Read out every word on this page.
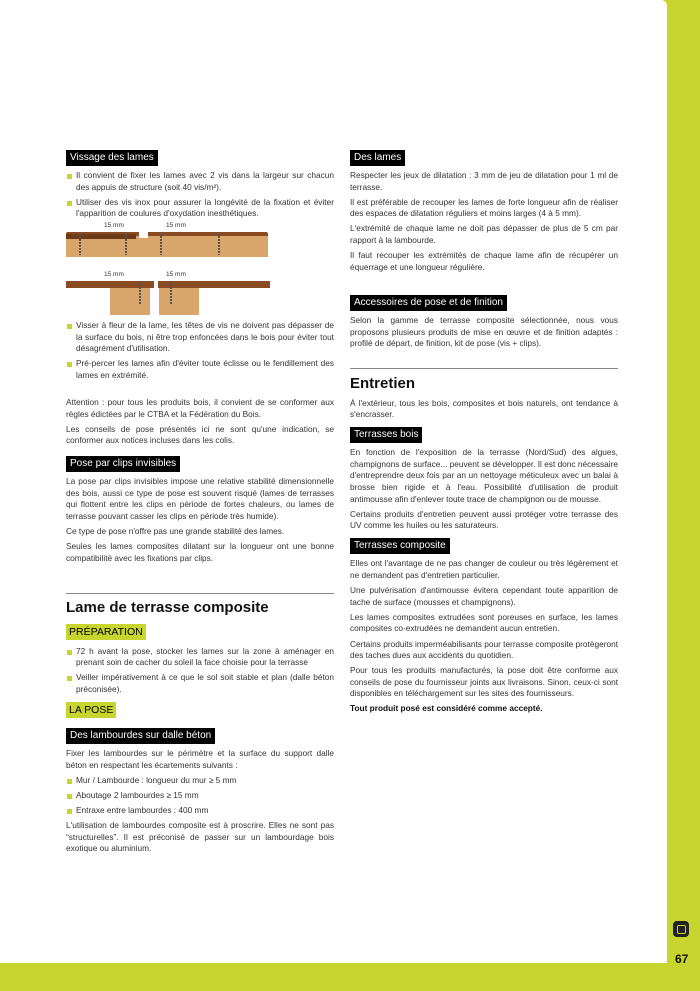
Vissage des lames
Il convient de fixer les lames avec 2 vis dans la largeur sur chacun des appuis de structure (soit 40 vis/m²).
Utiliser des vis inox pour assurer la longévité de la fixation et éviter l'apparition de coulures d'oxydation inesthétiques.
15 mm	15 mm
15 mm	15 mm
Visser à fleur de la lame, les têtes de vis ne doivent pas dépasser de la surface du bois, ni être trop enfoncées dans le bois pour éviter tout désagrément d'utilisation.
Pré-percer les lames afin d'éviter toute éclisse ou le fendillement des lames en extrémité.

Attention : pour tous les produits bois, il convient de se conformer aux règles édictées par le CTBA et la Fédération du Bois.

Les conseils de pose présentés ici ne sont qu'une indication, se conformer aux notices incluses dans les colis.

Pose par clips invisibles

La pose par clips invisibles impose une relative stabilité dimensionnelle des bois, aussi ce type de pose est souvent risqué (lames de terrasses qui flottent entre les clips en période de fortes chaleurs, ou lames de terrasse pouvant casser les clips en période très humide).

Ce type de pose n'offre pas une grande stabilité des lames.

Seules les lames composites dilatant sur la longueur ont une bonne compatibilité avec les fixations par clips.

Lame de terrasse composite
PRÉPARATION
72 h avant la pose, stocker les lames sur la zone à aménager en prenant soin de cacher du soleil la face choisie pour la terrasse
Veiller impérativement à ce que le sol soit stable et plan (dalle béton préconisée).
LA POSE
Des lambourdes sur dalle béton

Fixer les lambourdes sur le périmètre et la surface du support dalle béton en respectant les écartements suivants :

Mur / Lambourde : longueur du mur ≥ 5 mm
Aboutage 2 lambourdes ≥ 15 mm
Entraxe entre lambourdes : 400 mm

L'utilisation de lambourdes composite est à proscrire. Elles ne sont pas “structurelles”. Il est préconisé de passer sur un lambourdage bois exotique ou aluminium.

Des lames

Respecter les jeux de dilatation : 3 mm de jeu de dilatation pour 1 ml de terrasse.

Il est préférable de recouper les lames de forte longueur afin de réaliser des espaces de dilatation réguliers et moins larges (4 à 5 mm).

L'extrémité de chaque lame ne doit pas dépasser de plus de 5 cm par rapport à la lambourde.

Il faut recouper les extrémités de chaque lame afin de récupérer un équerrage et une longueur régulière.

Accessoires de pose et de finition

Selon la gamme de terrasse composite sélectionnée, nous vous proposons plusieurs produits de mise en œuvre et de finition adaptés : profilé de départ, de finition, kit de pose (vis + clips).

Entretien

À l'extérieur, tous les bois, composites et bois naturels, ont tendance à s'encrasser.

Terrasses bois

En fonction de l'exposition de la terrasse (Nord/Sud) des algues, champignons de surface... peuvent se développer. Il est donc nécessaire d'entreprendre deux fois par an un nettoyage méticuleux avec un balai à brosse bien rigide et à l'eau. Possibilité d'utilisation de produit antimousse afin d'enlever toute trace de champignon ou de mousse.

Certains produits d'entretien peuvent aussi protéger votre terrasse des UV comme les huiles ou les saturateurs.

Terrasses composite

Elles ont l'avantage de ne pas changer de couleur ou très légèrement et ne demandent pas d'entretien particulier.

Une pulvérisation d'antimousse évitera cependant toute apparition de tache de surface (mousses et champignons).

Les lames composites extrudées sont poreuses en surface, les lames composites co-extrudées ne demandent aucun entretien.

Certains produits imperméabilisants pour terrasse composite protègeront des taches dues aux accidents du quotidien.

Pour tous les produits manufacturés, la pose doit être conforme aux conseils de pose du fournisseur joints aux livraisons. Sinon, ceux-ci sont disponibles en téléchargement sur les sites des fournisseurs.

Tout produit posé est considéré comme accepté.

67
